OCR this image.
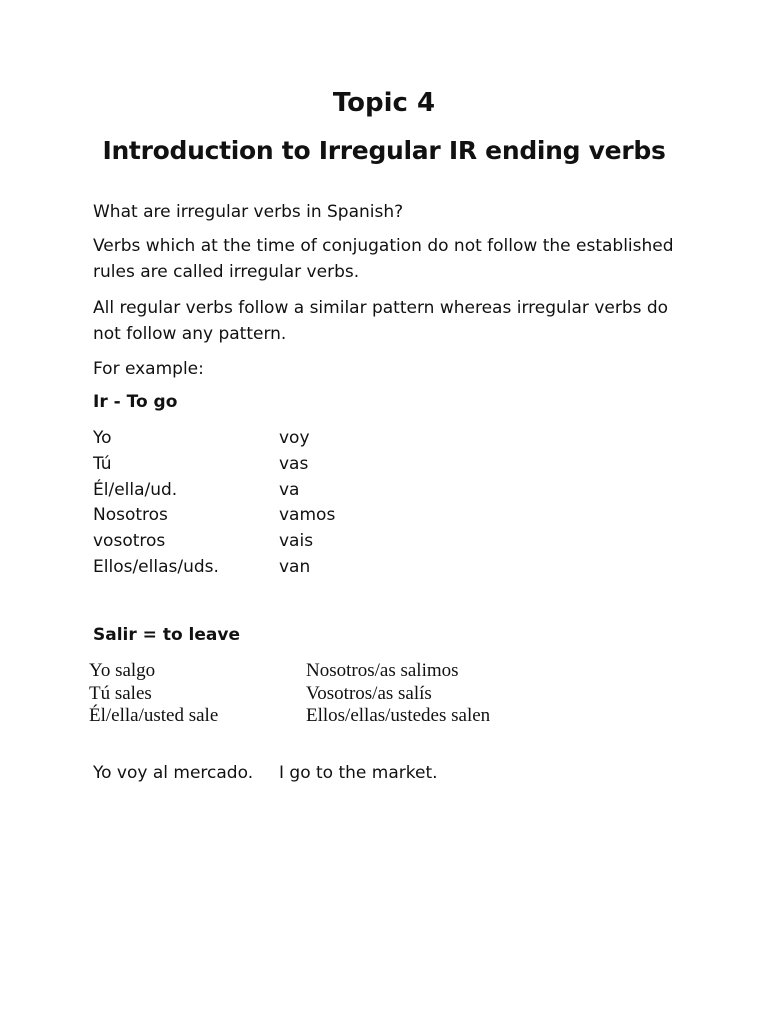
Topic 4
Introduction to Irregular IR ending verbs

What are irregular verbs in Spanish?

Verbs which at the time of conjugation do not follow the established rules are called irregular verbs.

All regular verbs follow a similar pattern whereas irregular verbs do not follow any pattern.

For example:

Ir - To go

Yo	voy
Tú	vas
Él/ella/ud.	va
Nosotros	vamos
vosotros	vais
Ellos/ellas/uds.	van

Salir = to leave

Yo salgo	Nosotros/as salimos
Tú sales	Vosotros/as salís
Él/ella/usted sale	Ellos/ellas/ustedes salen
Yo voy al mercado.	I go to the market.
